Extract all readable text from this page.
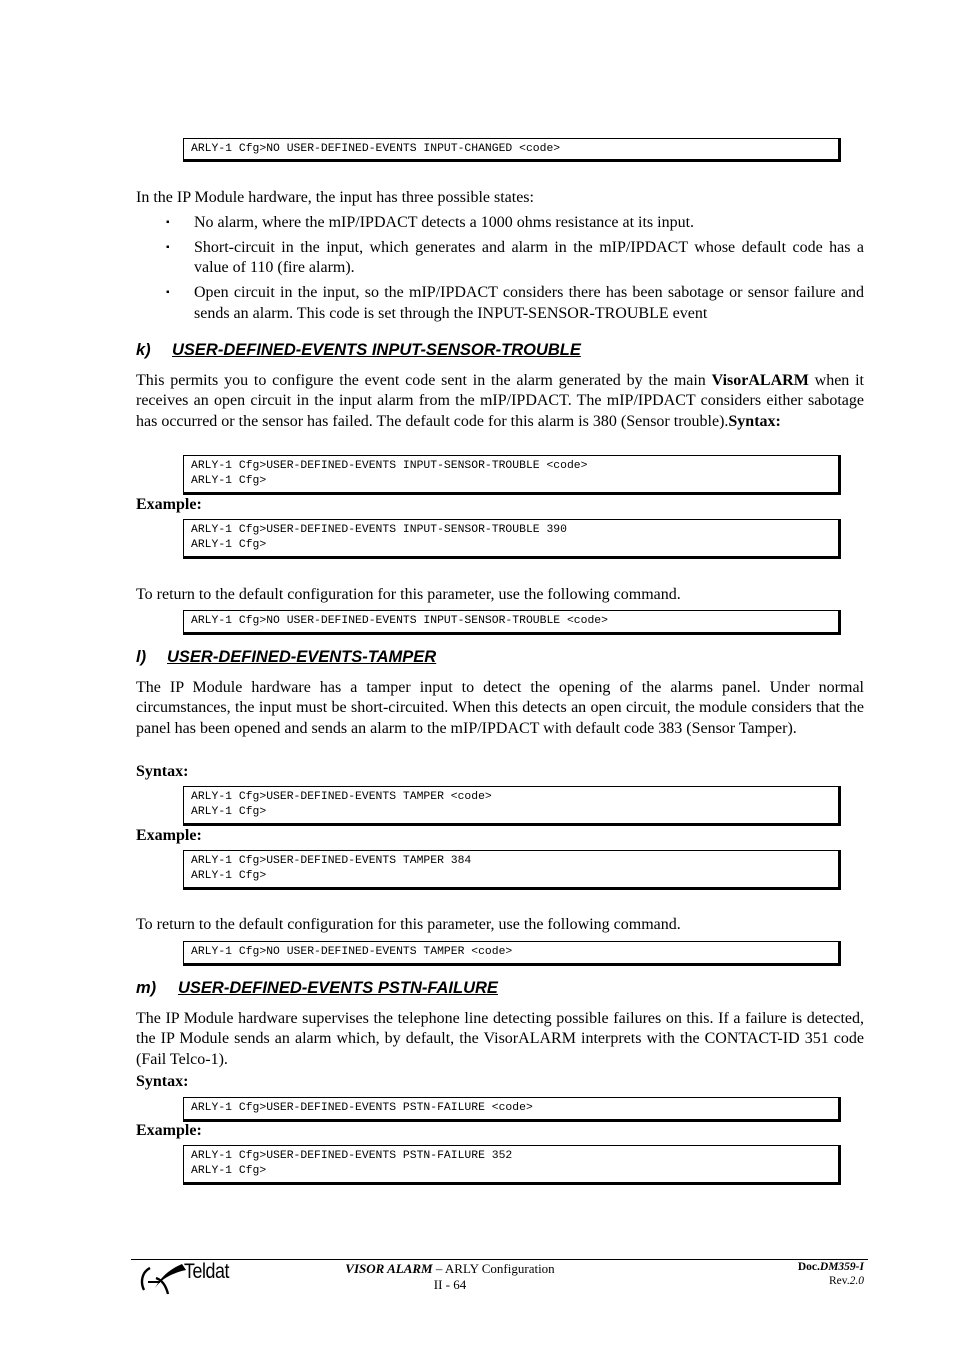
ARLY-1 Cfg>NO USER-DEFINED-EVENTS INPUT-CHANGED <code>
In the IP Module hardware, the input has three possible states:
▪ No alarm, where the mIP/IPDACT detects a 1000 ohms resistance at its input.
▪ Short-circuit in the input, which generates and alarm in the mIP/IPDACT whose default code has a value of 110 (fire alarm).
▪ Open circuit in the input, so the mIP/IPDACT considers there has been sabotage or sensor failure and sends an alarm. This code is set through the INPUT-SENSOR-TROUBLE event
k) USER-DEFINED-EVENTS INPUT-SENSOR-TROUBLE
This permits you to configure the event code sent in the alarm generated by the main VisorALARM when it receives an open circuit in the input alarm from the mIP/IPDACT. The mIP/IPDACT considers either sabotage has occurred or the sensor has failed. The default code for this alarm is 380 (Sensor trouble).Syntax:
ARLY-1 Cfg>USER-DEFINED-EVENTS INPUT-SENSOR-TROUBLE <code>
ARLY-1 Cfg>
Example:
ARLY-1 Cfg>USER-DEFINED-EVENTS INPUT-SENSOR-TROUBLE 390
ARLY-1 Cfg>
To return to the default configuration for this parameter, use the following command.
ARLY-1 Cfg>NO USER-DEFINED-EVENTS INPUT-SENSOR-TROUBLE <code>
l) USER-DEFINED-EVENTS-TAMPER
The IP Module hardware has a tamper input to detect the opening of the alarms panel. Under normal circumstances, the input must be short-circuited. When this detects an open circuit, the module considers that the panel has been opened and sends an alarm to the mIP/IPDACT with default code 383 (Sensor Tamper).
Syntax:
ARLY-1 Cfg>USER-DEFINED-EVENTS TAMPER <code>
ARLY-1 Cfg>
Example:
ARLY-1 Cfg>USER-DEFINED-EVENTS TAMPER 384
ARLY-1 Cfg>
To return to the default configuration for this parameter, use the following command.
ARLY-1 Cfg>NO USER-DEFINED-EVENTS TAMPER <code>
m) USER-DEFINED-EVENTS PSTN-FAILURE
The IP Module hardware supervises the telephone line detecting possible failures on this. If a failure is detected, the IP Module sends an alarm which, by default, the VisorALARM interprets with the CONTACT-ID 351 code (Fail Telco-1).
Syntax:
ARLY-1 Cfg>USER-DEFINED-EVENTS PSTN-FAILURE <code>
Example:
ARLY-1 Cfg>USER-DEFINED-EVENTS PSTN-FAILURE 352
ARLY-1 Cfg>
Teldat	VISOR ALARM – ARLY Configuration
II - 64
Doc.DM359-I
Rev.2.0
